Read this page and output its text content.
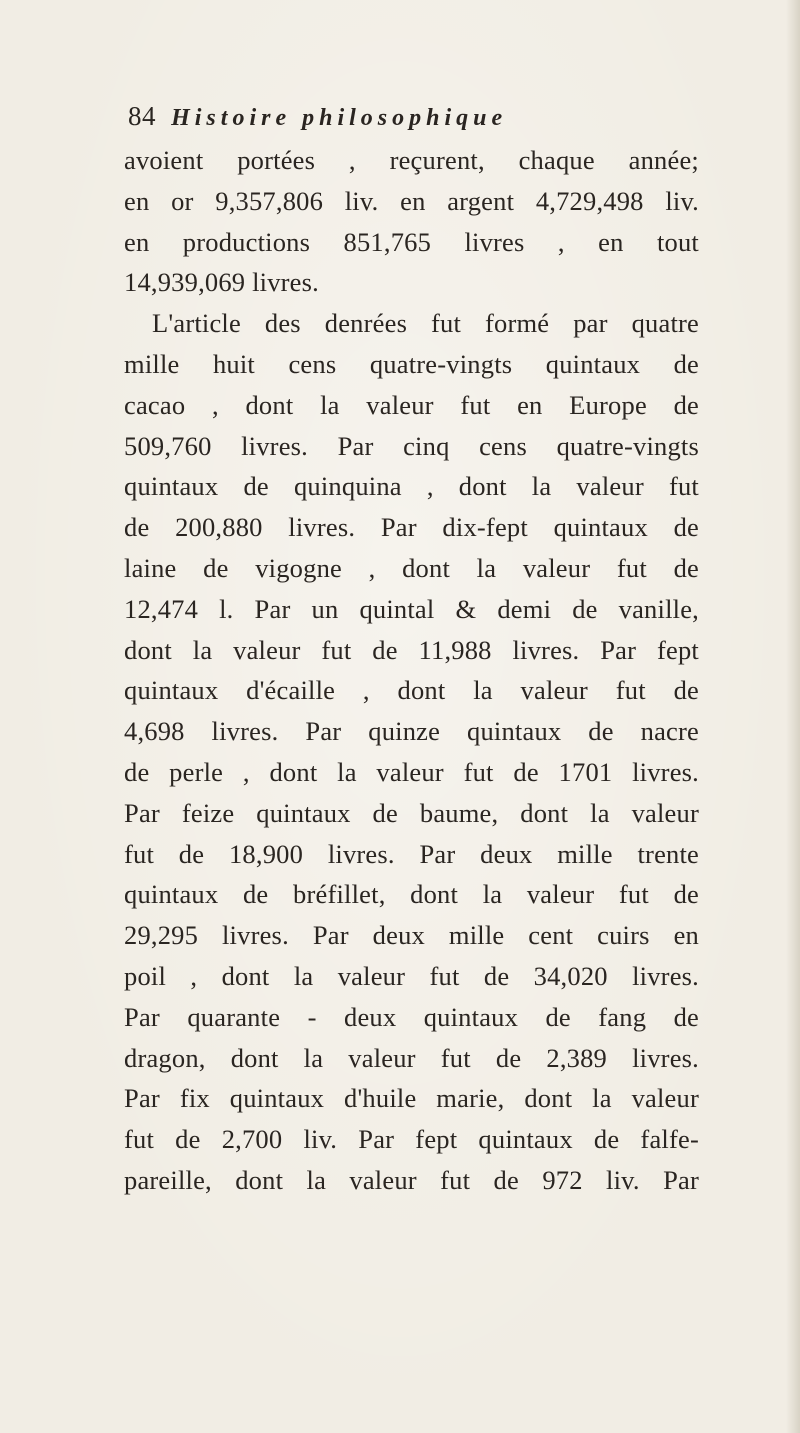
84 Histoire philosophique
avoient portées , reçurent, chaque année;
en or 9,357,806 liv. en argent 4,729,498 liv.
en productions 851,765 livres , en tout
14,939,069 livres.
L'article des denrées fut formé par quatre
mille huit cens quatre-vingts quintaux de
cacao , dont la valeur fut en Europe de
509,760 livres. Par cinq cens quatre-vingts
quintaux de quinquina , dont la valeur fut
de 200,880 livres. Par dix-fept quintaux de
laine de vigogne , dont la valeur fut de
12,474 l. Par un quintal & demi de vanille,
dont la valeur fut de 11,988 livres. Par fept
quintaux d'écaille , dont la valeur fut de
4,698 livres. Par quinze quintaux de nacre
de perle , dont la valeur fut de 1701 livres.
Par feize quintaux de baume, dont la valeur
fut de 18,900 livres. Par deux mille trente
quintaux de bréfillet, dont la valeur fut de
29,295 livres. Par deux mille cent cuirs en
poil , dont la valeur fut de 34,020 livres.
Par quarante - deux quintaux de fang de
dragon, dont la valeur fut de 2,389 livres.
Par fix quintaux d'huile marie, dont la valeur
fut de 2,700 liv. Par fept quintaux de falfe-
pareille, dont la valeur fut de 972 liv. Par
